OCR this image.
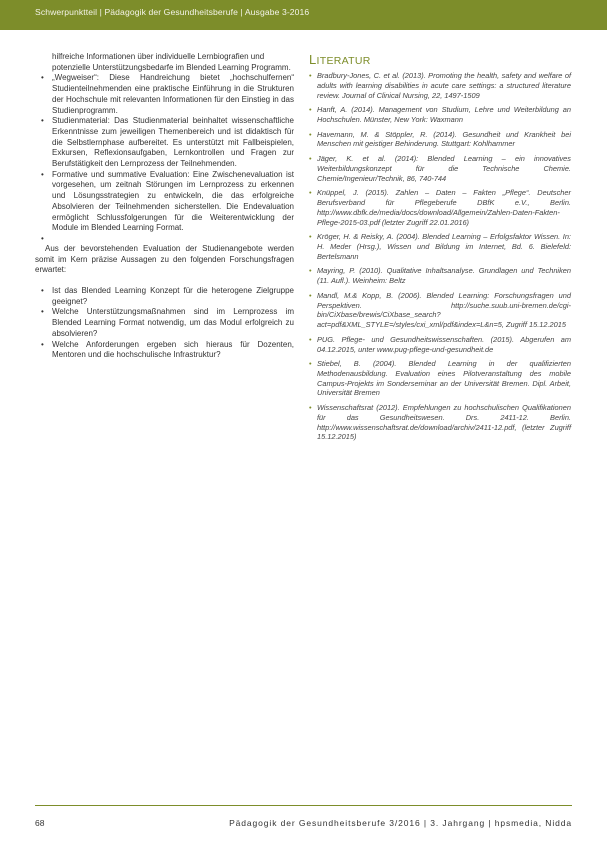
Schwerpunktteil | Pädagogik der Gesundheitsberufe | Ausgabe 3-2016

hilfreiche Informationen über individuelle Lernbiografien und potenzielle Unterstützungsbedarfe im Blended Learning Programm.

• „Wegweiser“: Diese Handreichung bietet „hochschulfernen“ Studienteilnehmenden eine praktische Einführung in die Strukturen der Hochschule mit relevanten Informationen für den Einstieg in das Studienprogramm.
• Studienmaterial: Das Studienmaterial beinhaltet wissenschaftliche Erkenntnisse zum jeweiligen Themenbereich und ist didaktisch für die Selbstlernphase aufbereitet. Es unterstützt mit Fallbeispielen, Exkursen, Reflexionsaufgaben, Lernkontrollen und Fragen zur Berufstätigkeit den Lernprozess der Teilnehmenden.
• Formative und summative Evaluation: Eine Zwischenevaluation ist vorgesehen, um zeitnah Störungen im Lernprozess zu erkennen und Lösungsstrategien zu entwickeln, die das erfolgreiche Absolvieren der Teilnehmenden sicherstellen. Die Endevaluation ermöglicht Schlussfolgerungen für die Weiterentwicklung der Module im Blended Learning Format.

Aus der bevorstehenden Evaluation der Studienangebote werden somit im Kern präzise Aussagen zu den folgenden Forschungsfragen erwartet:

• Ist das Blended Learning Konzept für die heterogene Zielgruppe geeignet?
• Welche Unterstützungsmaßnahmen sind im Lernprozess im Blended Learning Format notwendig, um das Modul erfolgreich zu absolvieren?
• Welche Anforderungen ergeben sich hieraus für Dozenten, Mentoren und die hochschulische Infrastruktur?
LITERATUR
• Bradbury-Jones, C. et al. (2013). Promoting the health, safety and welfare of adults with learning disabilities in acute care settings: a structured literature review. Journal of Clinical Nursing, 22, 1497-1509
• Hanft, A. (2014). Management von Studium, Lehre und Weiterbildung an Hochschulen. Münster, New York: Waxmann
• Havemann, M. & Stöppler, R. (2014). Gesundheit und Krankheit bei Menschen mit geistiger Behinderung. Stuttgart: Kohlhammer
• Jäger, K. et al. (2014): Blended Learning – ein innovatives Weiterbildungskonzept für die Technische Chemie. Chemie/Ingenieur/Technik, 86, 740-744
• Knüppel, J. (2015). Zahlen – Daten – Fakten „Pflege“. Deutscher Berufsverband für Pflegeberufe DBfK e.V., Berlin. http://www.dbfk.de/media/docs/download/Allgemein/Zahlen-Daten-Fakten-Pflege-2015-03.pdf (letzter Zugriff 22.01.2016)
• Kröger, H. & Reisky, A. (2004). Blended Learning – Erfolgsfaktor Wissen. In: H. Meder (Hrsg.), Wissen und Bildung im Internet, Bd. 6. Bielefeld: Bertelsmann
• Mayring, P. (2010). Qualitative Inhaltsanalyse. Grundlagen und Techniken (11. Aufl.). Weinheim: Beltz
• Mandl, M.& Kopp, B. (2006). Blended Learning: Forschungsfragen und Perspektiven. http://suche.suub.uni-bremen.de/cgi-bin/CiXbase/brewis/CiXbase_search?act=pdf&XML_STYLE=/styles/cxi_xml/pdf&index=L&n=5, Zugriff 15.12.2015
• PUG. Pflege- und Gesundheitswissenschaften. (2015). Abgerufen am 04.12.2015, unter www.pug-pflege-und-gesundheit.de
• Stiebel, B. (2004). Blended Learning in der qualifizierten Methodenausbildung. Evaluation eines Pilotveranstaltung des mobile Campus-Projekts im Sonderseminar an der Universität Bremen. Dipl. Arbeit, Universität Bremen
• Wissenschaftsrat (2012). Empfehlungen zu hochschulischen Qualifikationen für das Gesundheitswesen. Drs. 2411-12. Berlin. http://www.wissenschaftsrat.de/download/archiv/2411-12.pdf, (letzter Zugriff 15.12.2015)
68	Pädagogik der Gesundheitsberufe 3/2016 | 3. Jahrgang | hpsmedia, Nidda
